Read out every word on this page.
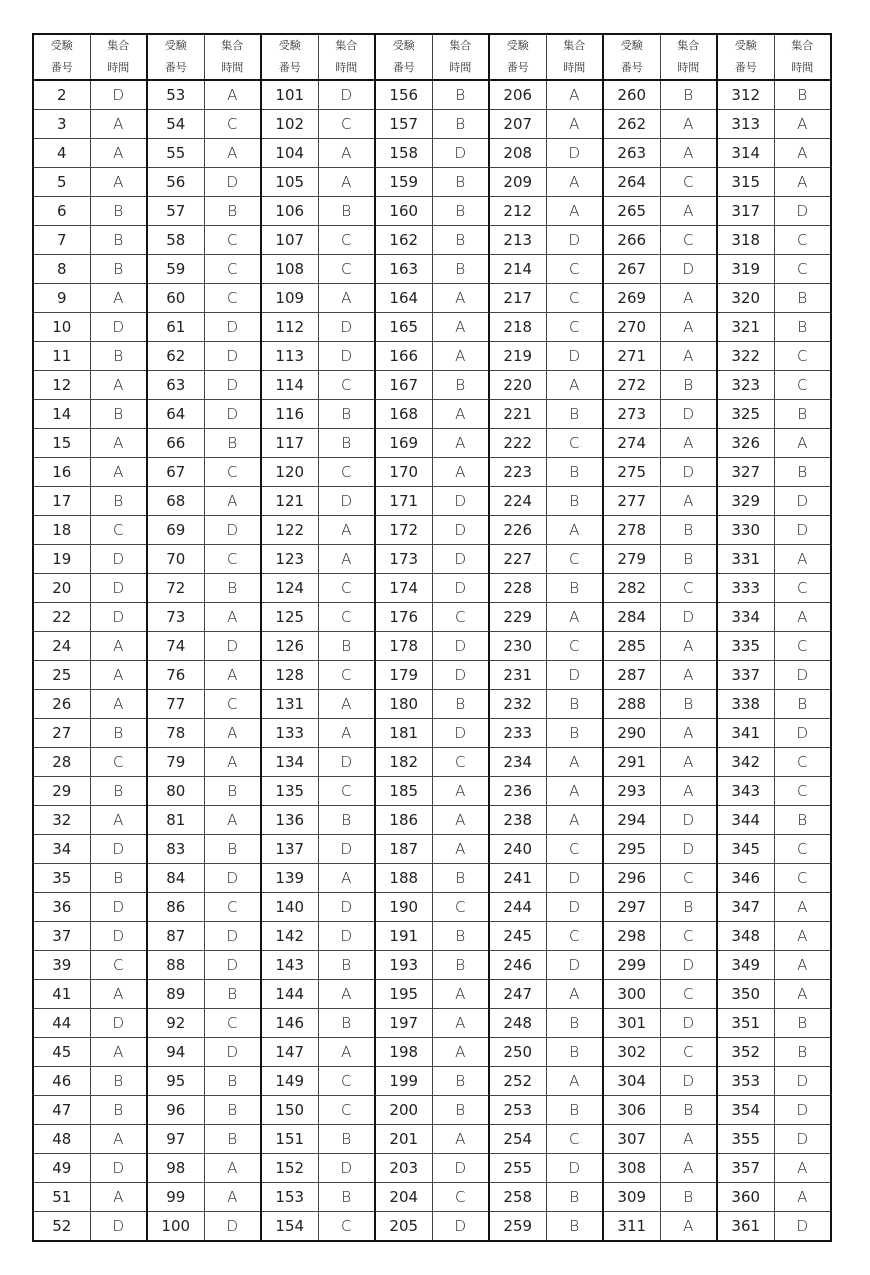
受験	集合	受験	集合	受験	集合	受験	集合	受験	集合	受験	集合	受験	集合
番号	時間	番号	時間	番号	時間	番号	時間	番号	時間	番号	時間	番号	時間
2	D	53	A	101	D	156	B	206	A	260	B	312	B
3	A	54	C	102	C	157	B	207	A	262	A	313	A
4	A	55	A	104	A	158	D	208	D	263	A	314	A
5	A	56	D	105	A	159	B	209	A	264	C	315	A
6	B	57	B	106	B	160	B	212	A	265	A	317	D
7	B	58	C	107	C	162	B	213	D	266	C	318	C
8	B	59	C	108	C	163	B	214	C	267	D	319	C
9	A	60	C	109	A	164	A	217	C	269	A	320	B
10	D	61	D	112	D	165	A	218	C	270	A	321	B
11	B	62	D	113	D	166	A	219	D	271	A	322	C
12	A	63	D	114	C	167	B	220	A	272	B	323	C
14	B	64	D	116	B	168	A	221	B	273	D	325	B
15	A	66	B	117	B	169	A	222	C	274	A	326	A
16	A	67	C	120	C	170	A	223	B	275	D	327	B
17	B	68	A	121	D	171	D	224	B	277	A	329	D
18	C	69	D	122	A	172	D	226	A	278	B	330	D
19	D	70	C	123	A	173	D	227	C	279	B	331	A
20	D	72	B	124	C	174	D	228	B	282	C	333	C
22	D	73	A	125	C	176	C	229	A	284	D	334	A
24	A	74	D	126	B	178	D	230	C	285	A	335	C
25	A	76	A	128	C	179	D	231	D	287	A	337	D
26	A	77	C	131	A	180	B	232	B	288	B	338	B
27	B	78	A	133	A	181	D	233	B	290	A	341	D
28	C	79	A	134	D	182	C	234	A	291	A	342	C
29	B	80	B	135	C	185	A	236	A	293	A	343	C
32	A	81	A	136	B	186	A	238	A	294	D	344	B
34	D	83	B	137	D	187	A	240	C	295	D	345	C
35	B	84	D	139	A	188	B	241	D	296	C	346	C
36	D	86	C	140	D	190	C	244	D	297	B	347	A
37	D	87	D	142	D	191	B	245	C	298	C	348	A
39	C	88	D	143	B	193	B	246	D	299	D	349	A
41	A	89	B	144	A	195	A	247	A	300	C	350	A
44	D	92	C	146	B	197	A	248	B	301	D	351	B
45	A	94	D	147	A	198	A	250	B	302	C	352	B
46	B	95	B	149	C	199	B	252	A	304	D	353	D
47	B	96	B	150	C	200	B	253	B	306	B	354	D
48	A	97	B	151	B	201	A	254	C	307	A	355	D
49	D	98	A	152	D	203	D	255	D	308	A	357	A
51	A	99	A	153	B	204	C	258	B	309	B	360	A
52	D	100	D	154	C	205	D	259	B	311	A	361	D
